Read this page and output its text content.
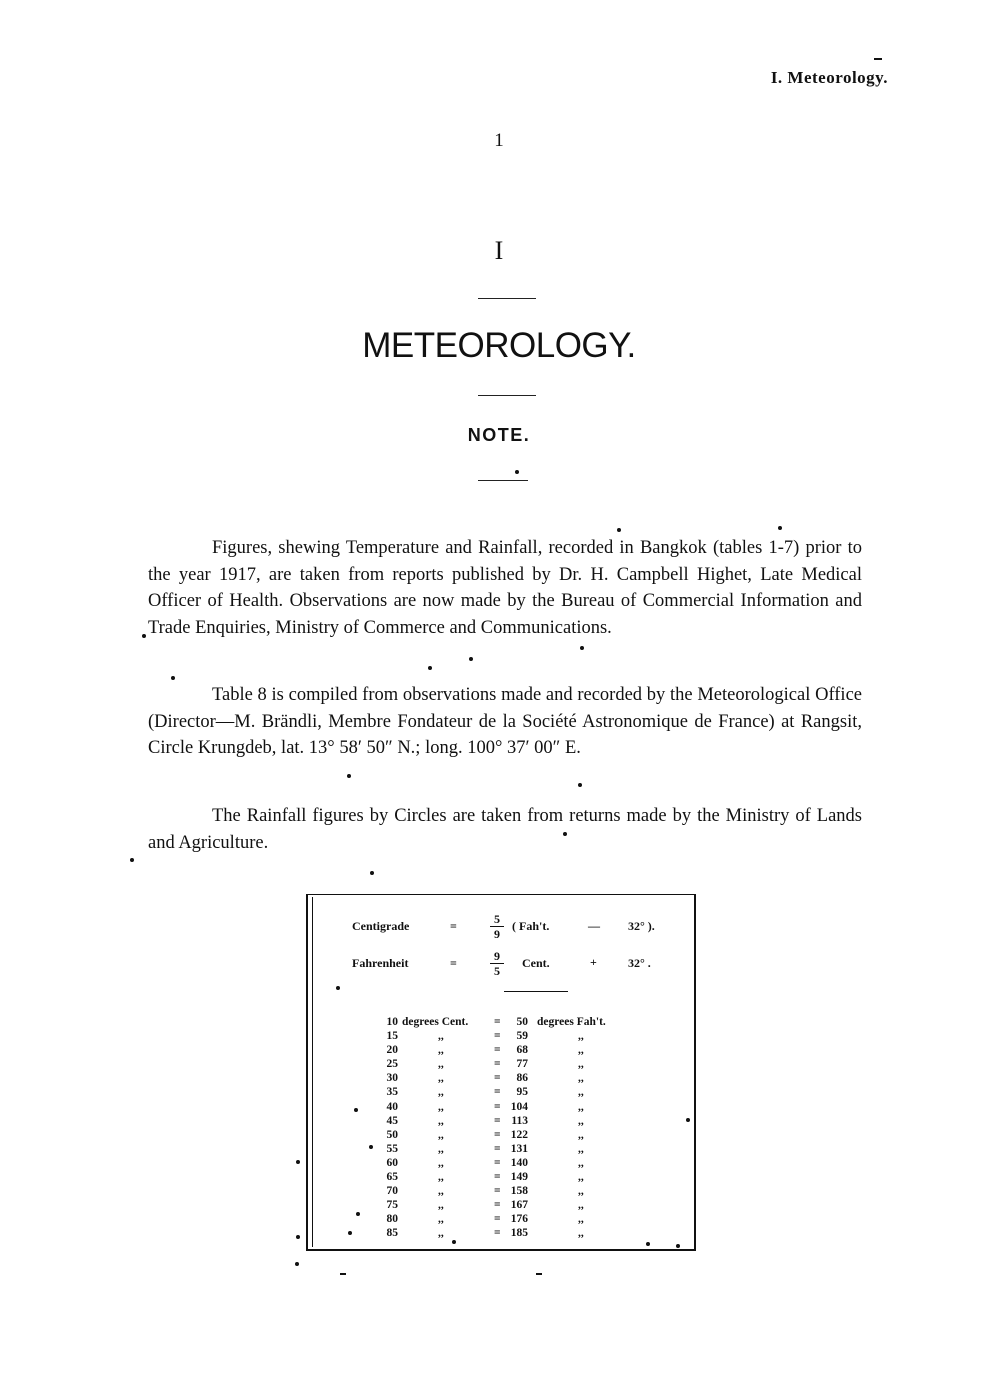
I. Meteorology.
1
I
METEOROLOGY.
NOTE.

Figures, shewing Temperature and Rainfall, recorded in Bangkok (tables 1-7) prior to the year 1917, are taken from reports published by Dr. H. Campbell Highet, Late Medical Officer of Health. Observations are now made by the Bureau of Commercial Information and Trade Enquiries, Ministry of Commerce and Communications.

Table 8 is compiled from observations made and recorded by the Meteorological Office (Director—M. Brändli, Membre Fondateur de la Société Astronomique de France) at Rangsit, Circle Krungdeb, lat. 13° 58′ 50″ N.; long. 100° 37′ 00″ E.

The Rainfall figures by Circles are taken from returns made by the Ministry of Lands and Agriculture.

Centigrade	=	$\frac{5}{9}$ ( Fah't.	— 32° ).
Fahrenheit	=	$\frac{9}{5}$ Cent.	+	32° .
10 degrees Cent. =	50 degrees Fah't.
15	,,	=	59	,,
20	,,	=	68	,,
25	,,	=	77	,,
30	,,	=	86	,,
35	,,	=	95	,,
40	,,	= 104	,,
45	,,	= 113	,,
50	,,	= 122	,,
55	,,	= 131	,,
60	,,	= 140	,,
65	,,	= 149	,,
70	,,	= 158	,,
75	,,	= 167	,,
80	,,	= 176	,,
85	,,	= 185	,,
